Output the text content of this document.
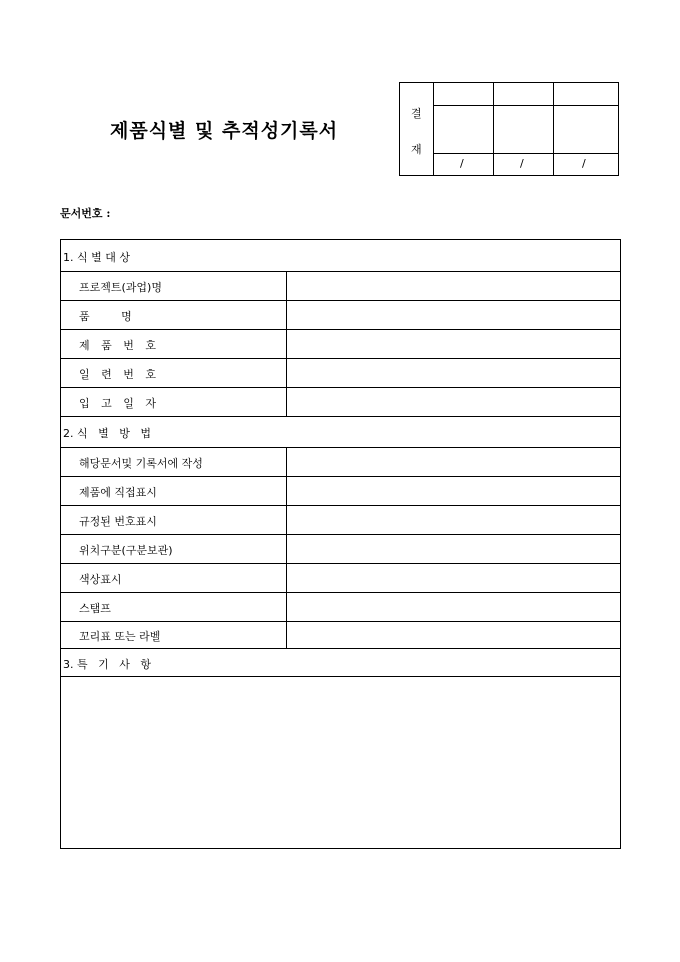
제품식별 및 추적성기록서
결
재
/	/	/
문서번호 :
1. 식 별 대 상
프로젝트(과업)명
품         명
제 품 번 호
일 련 번 호
입 고 일 자
2. 식   별   방   법
해당문서및 기록서에 작성
제품에 직접표시
규정된 번호표시
위치구분(구분보관)
색상표시
스탬프
꼬리표 또는 라벨
3. 특   기   사   항
